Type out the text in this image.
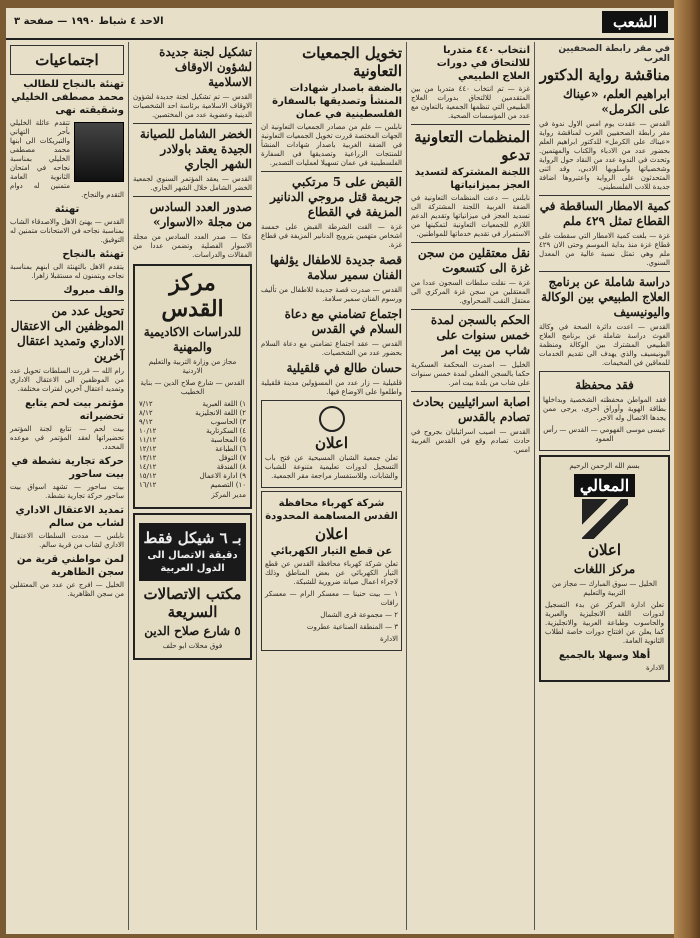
الشعب
الاحد ٤ شباط ١٩٩٠ — صفحة ٣
في مقر رابطة الصحفيين العرب
مناقشة رواية الدكتور
ابراهيم العلم، «عيناك على الكرمل»
القدس — عقدت يوم امس الاول ندوة في مقر رابطة الصحفيين العرب لمناقشة رواية «عيناك على الكرمل» للدكتور ابراهيم العلم بحضور عدد من الادباء والكتاب والمهتمين. وتحدث في الندوة عدد من النقاد حول الرواية وشخصياتها واسلوبها الادبي، وقد اثنى المتحدثون على الرواية واعتبروها اضافة جديدة للادب الفلسطيني.
كمية الامطار الساقطة في القطاع تمثل ٤٢٩ ملم
غزة — بلغت كمية الامطار التي سقطت على قطاع غزة منذ بداية الموسم وحتى الان ٤٢٩ ملم وهي تمثل نسبة عالية من المعدل السنوي.
دراسة شاملة عن برنامج العلاج الطبيعي بين الوكالة واليونيسيف
القدس — اعدت دائرة الصحة في وكالة الغوث دراسة شاملة عن برنامج العلاج الطبيعي المشترك بين الوكالة ومنظمة اليونيسيف والذي يهدف الى تقديم الخدمات للمعاقين في المخيمات.
فقد محفظة
فقد المواطن محفظته الشخصية وبداخلها بطاقة الهوية وأوراق أخرى، يرجى ممن يجدها الاتصال وله الاجر.
عيسى موسى الفهومي — القدس — رأس العمود
بسم الله الرحمن الرحيم
المعالي
اعلان
مركز اللغات
الخليل — سوق المبارك — مجاز من التربية والتعليم
تعلن ادارة المركز عن بدء التسجيل لدورات اللغة الانجليزية والعبرية والحاسوب وطباعة العربية والانجليزية. كما يعلن عن افتتاح دورات خاصة لطلاب الثانوية العامة.
أهلا وسهلا بالجميع
الادارة
انتخاب ٤٤٠ متدربا للالتحاق في دورات العلاج الطبيعي
غزة — تم انتخاب ٤٤٠ متدربا من بين المتقدمين للالتحاق بدورات العلاج الطبيعي التي تنظمها الجمعية بالتعاون مع عدد من المؤسسات الصحية.
المنظمات التعاونية تدعو
اللجنة المشتركة لتسديد العجز بميزانياتها
نابلس — دعت المنظمات التعاونية في الضفة الغربية اللجنة المشتركة الى تسديد العجز في ميزانياتها وتقديم الدعم اللازم للجمعيات التعاونية لتمكينها من الاستمرار في تقديم خدماتها للمواطنين.
نقل معتقلين من سجن غزة الى كتسعوت
غزة — نقلت سلطات السجون عددا من المعتقلين من سجن غزة المركزي الى معتقل النقب الصحراوي.
الحكم بالسجن لمدة خمس سنوات على شاب من بيت امر
الخليل — اصدرت المحكمة العسكرية حكما بالسجن الفعلي لمدة خمس سنوات على شاب من بلدة بيت امر.
اصابة اسرائيليين بحادث تصادم بالقدس
القدس — اصيب اسرائيليان بجروح في حادث تصادم وقع في القدس الغربية امس.
تخويل الجمعيات التعاونية
بالضفة باصدار شهادات المنشأ وتصديقها بالسفارة الفلسطينية في عمان
نابلس — علم من مصادر الجمعيات التعاونية ان الجهات المختصة قررت تخويل الجمعيات التعاونية في الضفة الغربية باصدار شهادات المنشأ للمنتجات الزراعية وتصديقها في السفارة الفلسطينية في عمان تسهيلا لعمليات التصدير.
القبض على 5 مرتكبي جريمة قتل مروجي الدنانير المزيفة في القطاع
غزة — القت الشرطة القبض على خمسة اشخاص متهمين بترويج الدنانير المزيفة في قطاع غزة.
قصة جديدة للاطفال يؤلفها الفنان سمير سلامة
القدس — صدرت قصة جديدة للاطفال من تأليف ورسوم الفنان سمير سلامة.
اجتماع تضامني مع دعاة السلام في القدس
القدس — عقد اجتماع تضامني مع دعاة السلام بحضور عدد من الشخصيات.
حسان طالع في قلقيلية
قلقيلية — زار عدد من المسؤولين مدينة قلقيلية واطلعوا على الاوضاع فيها.
اعلان
تعلن جمعية الشبان المسيحية عن فتح باب التسجيل لدورات تعليمية متنوعة للشباب والشابات، وللاستفسار مراجعة مقر الجمعية.
شركة كهرباء محافظة القدس المساهمة المحدودة
اعلان
عن قطع التيار الكهربائي
تعلن شركة كهرباء محافظة القدس عن قطع التيار الكهربائي عن بعض المناطق وذلك لاجراء اعمال صيانة ضرورية للشبكة.
١ — بيت حنينا — معسكر الرام — معسكر رافات
٢ — مجموعة قرى الشمال
٣ — المنطقة الصناعية عطروت
الادارة
تشكيل لجنة جديدة لشؤون الاوقاف الاسلامية
القدس — تم تشكيل لجنة جديدة لشؤون الاوقاف الاسلامية برئاسة احد الشخصيات الدينية وعضوية عدد من المختصين.
الخضر الشامل للصيانة الجيدة يعقد باولادر الشهر الجاري
القدس — يعقد المؤتمر السنوي لجمعية الخضر الشامل خلال الشهر الجاري.
صدور العدد السادس من مجلة «الاسوار»
عكا — صدر العدد السادس من مجلة الاسوار الفصلية وتضمن عددا من المقالات والدراسات.
مركز القدس
للدراسات الاكاديمية والمهنية
مجاز من وزارة التربية والتعليم الاردنية
القدس — شارع صلاح الدين — بناية الخطيب
١) اللغة العبرية
٧/١٢
٢) اللغة الانجليزية
٨/١٢
٣) الحاسوب
٩/١٢
٤) السكرتارية
١٠/١٢
٥) المحاسبة
١١/١٢
٦) الطباعة
١٢/١٢
٧) التوفل
١٣/١٢
٨) الفندقة
١٤/١٢
٩) ادارة الاعمال
١٥/١٢
١٠) التصميم
١٦/١٢
مدير المركز
بـ ٦ شيكل فقط
دقيقة الاتصال الى الدول العربية
مكتب الاتصالات السريعة
٥ شارع صلاح الدين
فوق محلات ابو حلف
اجتماعيات
تهنئة بالنجاح للطالب محمد مصطفى الخليلي وشقيقته نهى
تتقدم عائلة الخليلي بأحر التهاني والتبريكات الى ابنها محمد مصطفى الخليلي بمناسبة نجاحه في امتحان الثانوية العامة متمنين له دوام التقدم والنجاح.
تهنئة
القدس — يهنئ الاهل والاصدقاء الشاب بمناسبة نجاحه في الامتحانات متمنين له التوفيق.
تهنئة بالنجاح
يتقدم الاهل بالتهنئة الى ابنهم بمناسبة نجاحه ويتمنون له مستقبلا زاهرا.
والف مبروك
تحويل عدد من الموظفين الى الاعتقال الاداري وتمديد اعتقال آخرين
رام الله — قررت السلطات تحويل عدد من الموظفين الى الاعتقال الاداري وتمديد اعتقال آخرين لفترات مختلفة.
مؤتمر بيت لحم يتابع تحضيراته
بيت لحم — تتابع لجنة المؤتمر تحضيراتها لعقد المؤتمر في موعده المحدد.
حركة تجارية نشطة في بيت ساحور
بيت ساحور — تشهد اسواق بيت ساحور حركة تجارية نشطة.
تمديد الاعتقال الاداري لشاب من سالم
نابلس — مددت السلطات الاعتقال الاداري لشاب من قرية سالم.
لمن مواطني قرية من سجن الظاهرية
الخليل — افرج عن عدد من المعتقلين من سجن الظاهرية.
